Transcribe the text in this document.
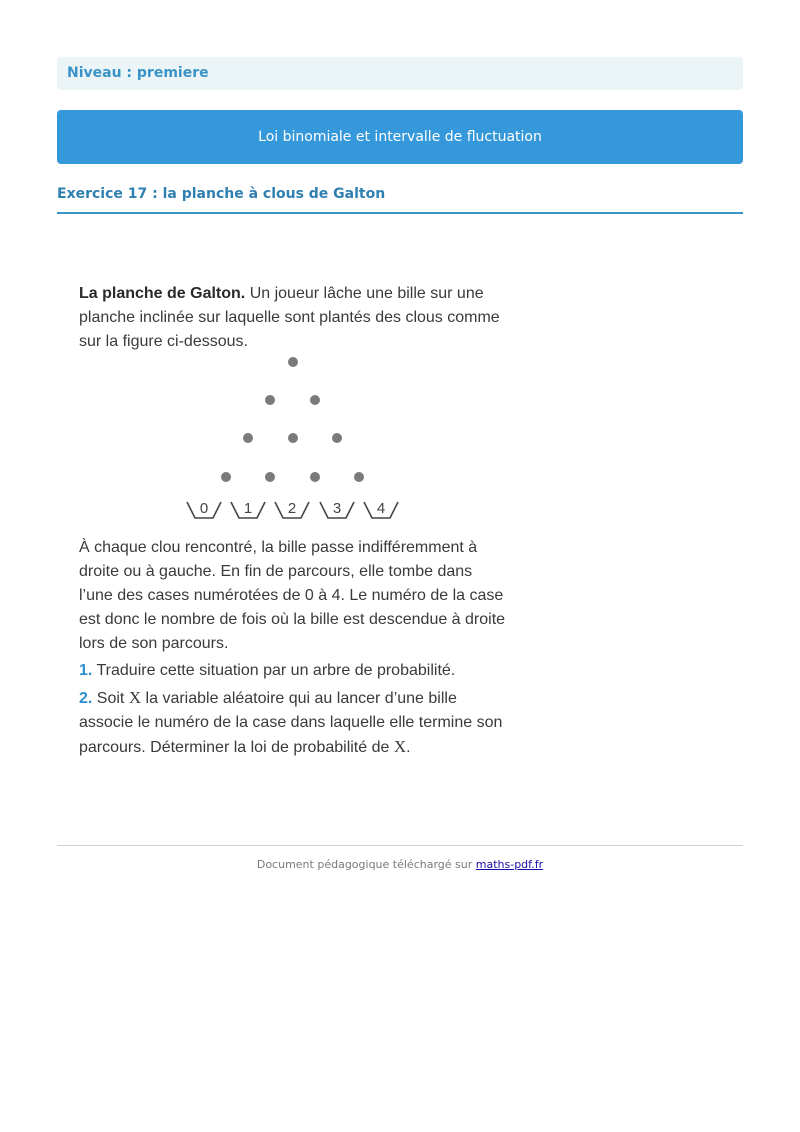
Niveau : premiere
Loi binomiale et intervalle de fluctuation
Exercice 17 : la planche à clous de Galton

La planche de Galton. Un joueur lâche une bille sur une planche inclinée sur laquelle sont plantés des clous comme sur la figure ci-dessous.

0	1	2	3	4

À chaque clou rencontré, la bille passe indifféremment à droite ou à gauche. En fin de parcours, elle tombe dans l’une des cases numérotées de 0 à 4. Le numéro de la case est donc le nombre de fois où la bille est descendue à droite lors de son parcours.

1. Traduire cette situation par un arbre de probabilité.

2. Soit X la variable aléatoire qui au lancer d’une bille associe le numéro de la case dans laquelle elle termine son parcours. Déterminer la loi de probabilité de X.

Document pédagogique téléchargé sur maths-pdf.fr
